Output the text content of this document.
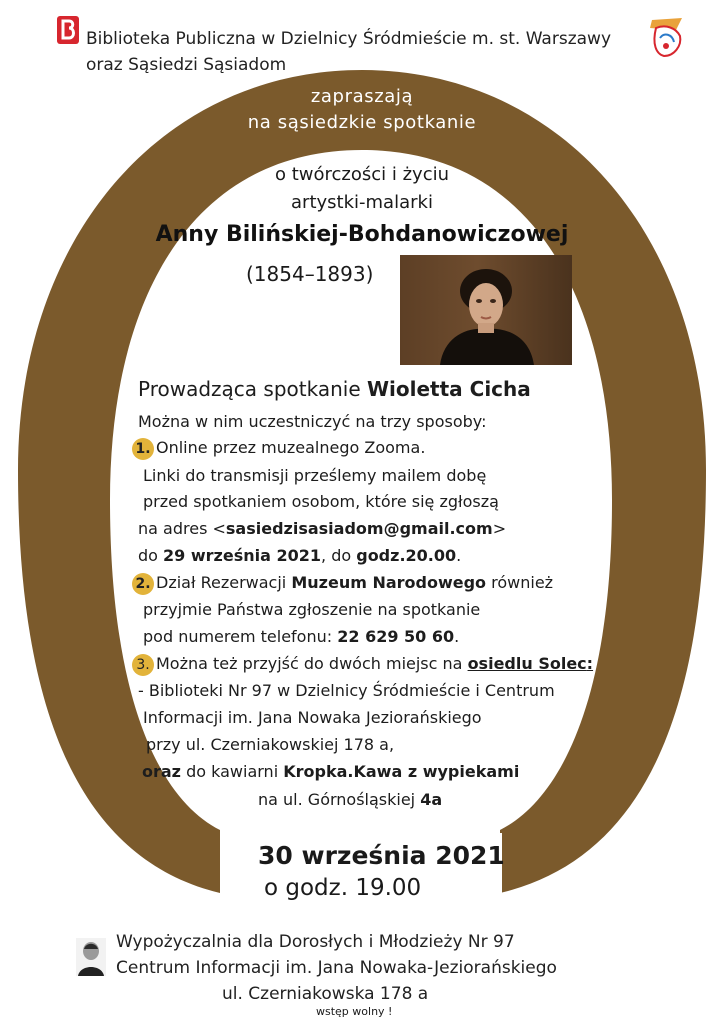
Biblioteka Publiczna w Dzielnicy Śródmieście m. st. Warszawy
oraz Sąsiedzi Sąsiadom
zapraszają
na sąsiedzkie spotkanie
o twórczości i życiu
artystki-malarki
Anny Bilińskiej-Bohdanowiczowej
(1854–1893)
Prowadząca spotkanie Wioletta Cicha
Można w nim uczestniczyć na trzy sposoby:
1. Online przez muzealnego Zooma.
Linki do transmisji prześlemy mailem dobę
przed spotkaniem osobom, które się zgłoszą
na adres <sasiedzisasiadom@gmail.com>
do 29 września 2021, do godz.20.00.
2. Dział Rezerwacji Muzeum Narodowego również
przyjmie Państwa zgłoszenie na spotkanie
pod numerem telefonu: 22 629 50 60.
3. Można też przyjść do dwóch miejsc na osiedlu Solec:
- Biblioteki Nr 97 w Dzielnicy Śródmieście i Centrum
Informacji im. Jana Nowaka Jeziorańskiego
przy ul. Czerniakowskiej 178 a,
oraz do kawiarni Kropka.Kawa z wypiekami
na ul. Górnośląskiej 4a
30 września 2021
o godz. 19.00
Wypożyczalnia dla Dorosłych i Młodzieży Nr 97
Centrum Informacji im. Jana Nowaka-Jeziorańskiego
ul. Czerniakowska 178 a
wstęp wolny !
